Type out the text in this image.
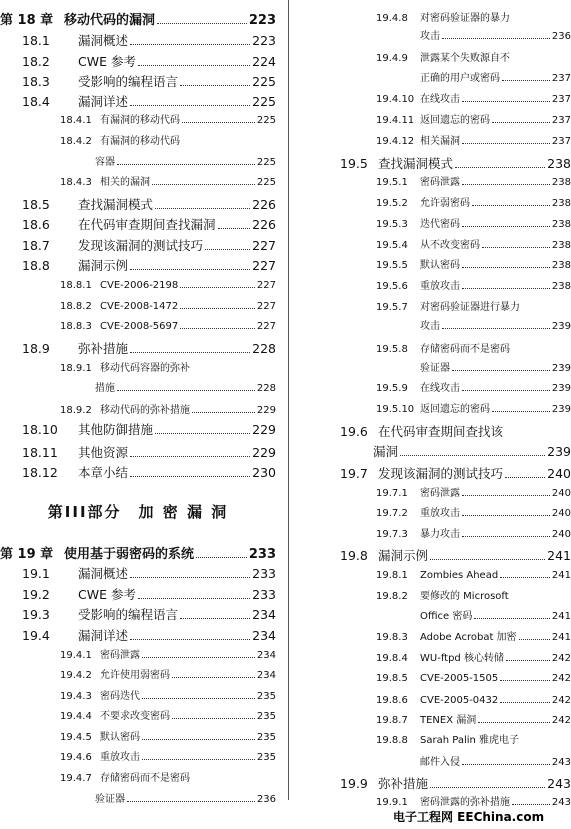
第 18 章 移动代码的漏洞	223
18.1	漏洞概述	223
18.2	CWE 参考	224
18.3	受影响的编程语言	225
18.4	漏洞详述	225
18.4.1 有漏洞的移动代码	225
18.4.2 有漏洞的移动代码
容器	225
18.4.3 相关的漏洞	225
18.5	查找漏洞模式	226
18.6	在代码审查期间查找漏洞	226
18.7	发现该漏洞的测试技巧	227
18.8	漏洞示例	227
18.8.1 CVE-2006-2198	227
18.8.2 CVE-2008-1472	227
18.8.3 CVE-2008-5697	227
18.9	弥补措施	228
18.9.1 移动代码容器的弥补
措施	228
18.9.2 移动代码的弥补措施	229
18.10	其他防御措施	229
18.11	其他资源	229
18.12	本章小结	230
第III部分　加 密 漏 洞
第 19 章 使用基于弱密码的系统	233
19.1	漏洞概述	233
19.2	CWE 参考	233
19.3	受影响的编程语言	234
19.4	漏洞详述	234
19.4.1 密码泄露	234
19.4.2 允许使用弱密码	234
19.4.3 密码迭代	235
19.4.4 不要求改变密码	235
19.4.5 默认密码	235
19.4.6 重放攻击	235
19.4.7 存储密码而不是密码
验证器	236
19.4.8	对密码验证器的暴力
攻击	236
19.4.9	泄露某个失败源自不
正确的用户或密码	237
19.4.10 在线攻击	237
19.4.11 返回遗忘的密码	237
19.4.12 相关漏洞	237
19.5 查找漏洞模式	238
19.5.1	密码泄露	238
19.5.2	允许弱密码	238
19.5.3	迭代密码	238
19.5.4	从不改变密码	238
19.5.5	默认密码	238
19.5.6	重放攻击	238
19.5.7	对密码验证器进行暴力
攻击	239
19.5.8	存储密码而不是密码
验证器	239
19.5.9	在线攻击	239
19.5.10 返回遗忘的密码	239
19.6 在代码审查期间查找该
漏洞	239
19.7 发现该漏洞的测试技巧	240
19.7.1	密码泄露	240
19.7.2	重放攻击	240
19.7.3	暴力攻击	240
19.8 漏洞示例	241
19.8.1	Zombies Ahead	241
19.8.2	要修改的 Microsoft
Office 密码	241
19.8.3	Adobe Acrobat 加密	241
19.8.4	WU-ftpd 核心转储	242
19.8.5	CVE-2005-1505	242
19.8.6	CVE-2005-0432	242
19.8.7	TENEX 漏洞	242
19.8.8	Sarah Palin 雅虎电子
邮件入侵	243
19.9 弥补措施	243
19.9.1	密码泄露的弥补措施	243
电子工程网 EEChina.com
